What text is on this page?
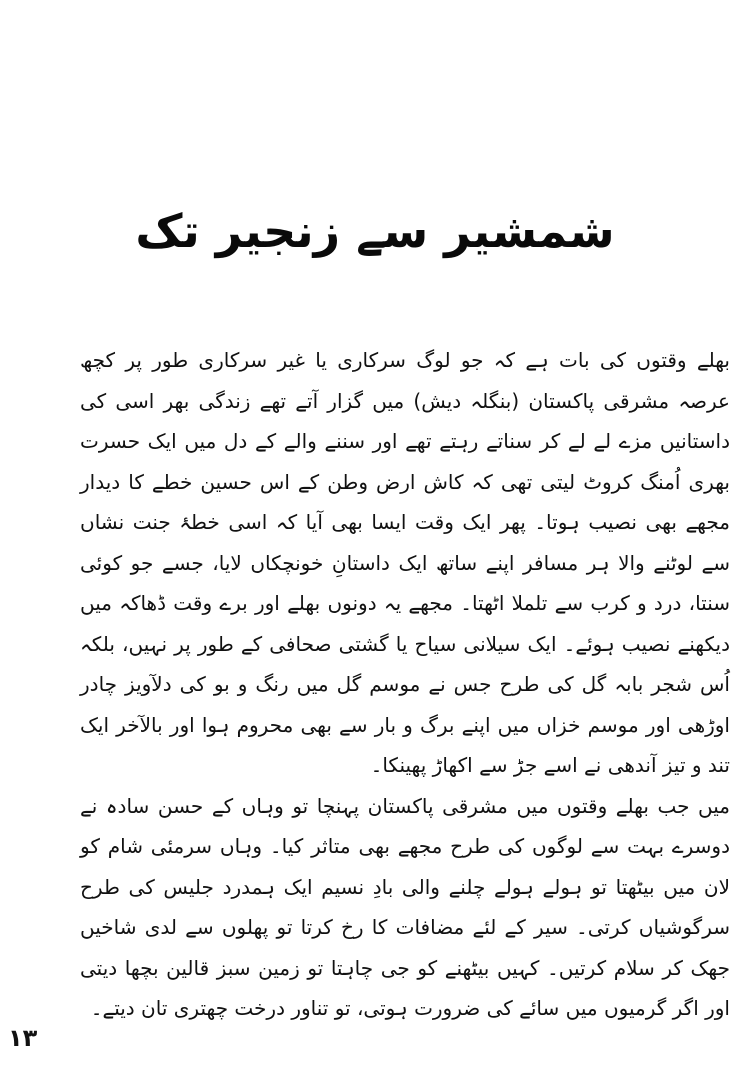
شمشیر سے زنجیر تک

بھلے وقتوں کی بات ہے کہ جو لوگ سرکاری یا غیر سرکاری طور پر کچھ عرصہ مشرقی پاکستان (بنگلہ دیش) میں گزار آتے تھے زندگی بھر اسی کی داستانیں مزے لے لے کر سناتے رہتے تھے اور سننے والے کے دل میں ایک حسرت بھری اُمنگ کروٹ لیتی تھی کہ کاش ارض وطن کے اس حسین خطے کا دیدار مجھے بھی نصیب ہوتا۔ پھر ایک وقت ایسا بھی آیا کہ اسی خطۂ جنت نشاں سے لوٹنے والا ہر مسافر اپنے ساتھ ایک داستانِ خونچکاں لایا، جسے جو کوئی سنتا، درد و کرب سے تلملا اٹھتا۔ مجھے یہ دونوں بھلے اور برے وقت ڈھاکہ میں دیکھنے نصیب ہوئے۔ ایک سیلانی سیاح یا گشتی صحافی کے طور پر نہیں، بلکہ اُس شجر بابہ گل کی طرح جس نے موسم گل میں رنگ و بو کی دلآویز چادر اوڑھی اور موسم خزاں میں اپنے برگ و بار سے بھی محروم ہوا اور بالآخر ایک تند و تیز آندھی نے اسے جڑ سے اکھاڑ پھینکا۔

میں جب بھلے وقتوں میں مشرقی پاکستان پہنچا تو وہاں کے حسن سادہ نے دوسرے بہت سے لوگوں کی طرح مجھے بھی متاثر کیا۔ وہاں سرمئی شام کو لان میں بیٹھتا تو ہولے ہولے چلنے والی بادِ نسیم ایک ہمدرد جلیس کی طرح سرگوشیاں کرتی۔ سیر کے لئے مضافات کا رخ کرتا تو پھلوں سے لدی شاخیں جھک کر سلام کرتیں۔ کہیں بیٹھنے کو جی چاہتا تو زمین سبز قالین بچھا دیتی اور اگر گرمیوں میں سائے کی ضرورت ہوتی، تو تناور درخت چھتری تان دیتے۔

۱۳
